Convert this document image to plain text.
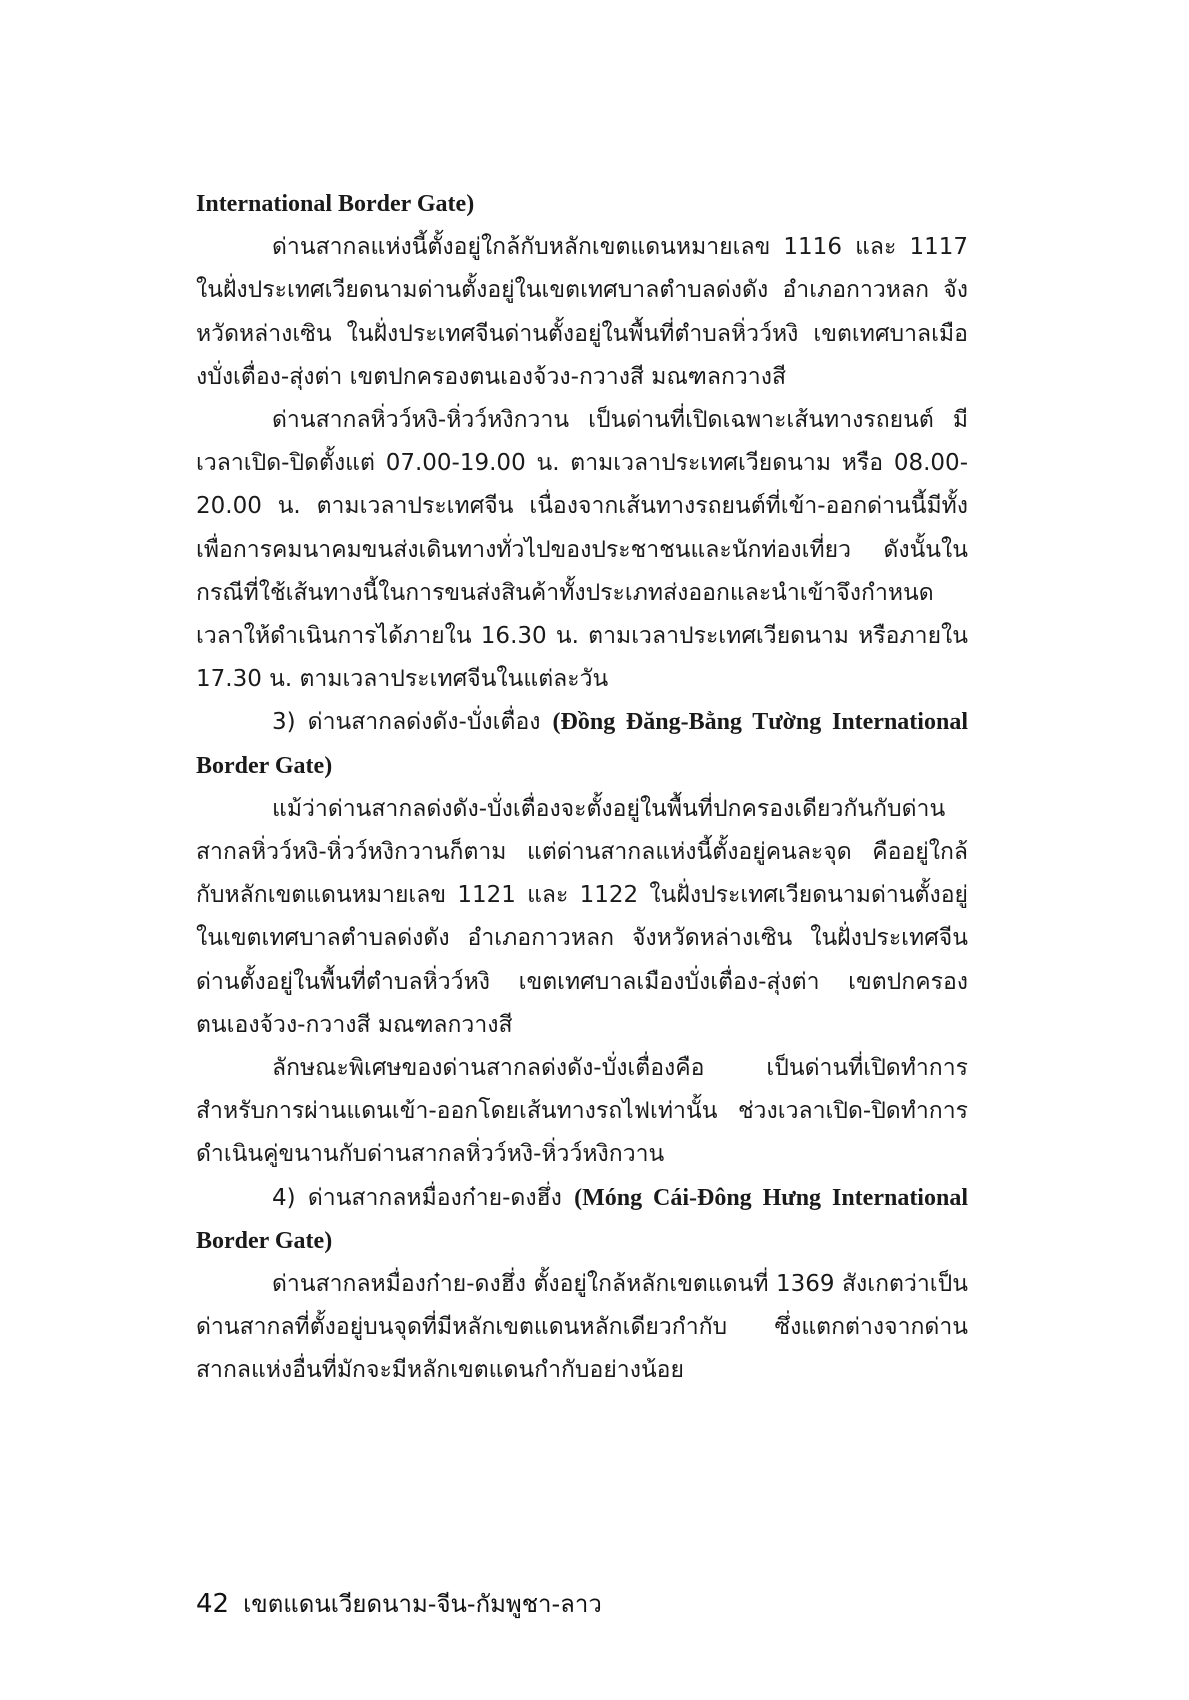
International Border Gate)

ด่านสากลแห่งนี้ตั้งอยู่ใกล้กับหลักเขตแดนหมายเลข 1116 และ 1117 ในฝั่งประเทศเวียดนามด่านตั้งอยู่ในเขตเทศบาลตำบลด่งดัง อำเภอกาวหลก จังหวัดหล่างเซิน ในฝั่งประเทศจีนด่านตั้งอยู่ในพื้นที่ตำบลหิ่วว์หงิ เขตเทศบาลเมืองบั่งเตื่อง-สุ่งต่า เขตปกครองตนเองจ้วง-กวางสี มณฑลกวางสี

ด่านสากลหิ่วว์หงิ-หิ่วว์หงิกวาน เป็นด่านที่เปิดเฉพาะเส้นทางรถยนต์ มีเวลาเปิด-ปิดตั้งแต่ 07.00-19.00 น. ตามเวลาประเทศเวียดนาม หรือ 08.00-20.00 น. ตามเวลาประเทศจีน เนื่องจากเส้นทางรถยนต์ที่เข้า-ออกด่านนี้มีทั้งเพื่อการคมนาคมขนส่งเดินทางทั่วไปของประชาชนและนักท่องเที่ยว ดังนั้นในกรณีที่ใช้เส้นทางนี้ในการขนส่งสินค้าทั้งประเภทส่งออกและนำเข้าจึงกำหนดเวลาให้ดำเนินการได้ภายใน 16.30 น. ตามเวลาประเทศเวียดนาม หรือภายใน 17.30 น. ตามเวลาประเทศจีนในแต่ละวัน

3) ด่านสากลด่งดัง-บั่งเตื่อง (Đồng Đăng-Bằng Tường International Border Gate)

แม้ว่าด่านสากลด่งดัง-บั่งเตื่องจะตั้งอยู่ในพื้นที่ปกครองเดียวกันกับด่านสากลหิ่วว์หงิ-หิ่วว์หงิกวานก็ตาม แต่ด่านสากลแห่งนี้ตั้งอยู่คนละจุด คืออยู่ใกล้กับหลักเขตแดนหมายเลข 1121 และ 1122 ในฝั่งประเทศเวียดนามด่านตั้งอยู่ในเขตเทศบาลตำบลด่งดัง อำเภอกาวหลก จังหวัดหล่างเซิน ในฝั่งประเทศจีนด่านตั้งอยู่ในพื้นที่ตำบลหิ่วว์หงิ เขตเทศบาลเมืองบั่งเตื่อง-สุ่งต่า เขตปกครองตนเองจ้วง-กวางสี มณฑลกวางสี

ลักษณะพิเศษของด่านสากลด่งดัง-บั่งเตื่องคือ เป็นด่านที่เปิดทำการสำหรับการผ่านแดนเข้า-ออกโดยเส้นทางรถไฟเท่านั้น ช่วงเวลาเปิด-ปิดทำการดำเนินคู่ขนานกับด่านสากลหิ่วว์หงิ-หิ่วว์หงิกวาน

4) ด่านสากลหมื่องก๋าย-ดงฮึ่ง (Móng Cái-Đông Hưng International Border Gate)

ด่านสากลหมื่องก๋าย-ดงฮึ่ง ตั้งอยู่ใกล้หลักเขตแดนที่ 1369 สังเกตว่าเป็นด่านสากลที่ตั้งอยู่บนจุดที่มีหลักเขตแดนหลักเดียวกำกับ ซึ่งแตกต่างจากด่านสากลแห่งอื่นที่มักจะมีหลักเขตแดนกำกับอย่างน้อย

42 เขตแดนเวียดนาม-จีน-กัมพูชา-ลาว
